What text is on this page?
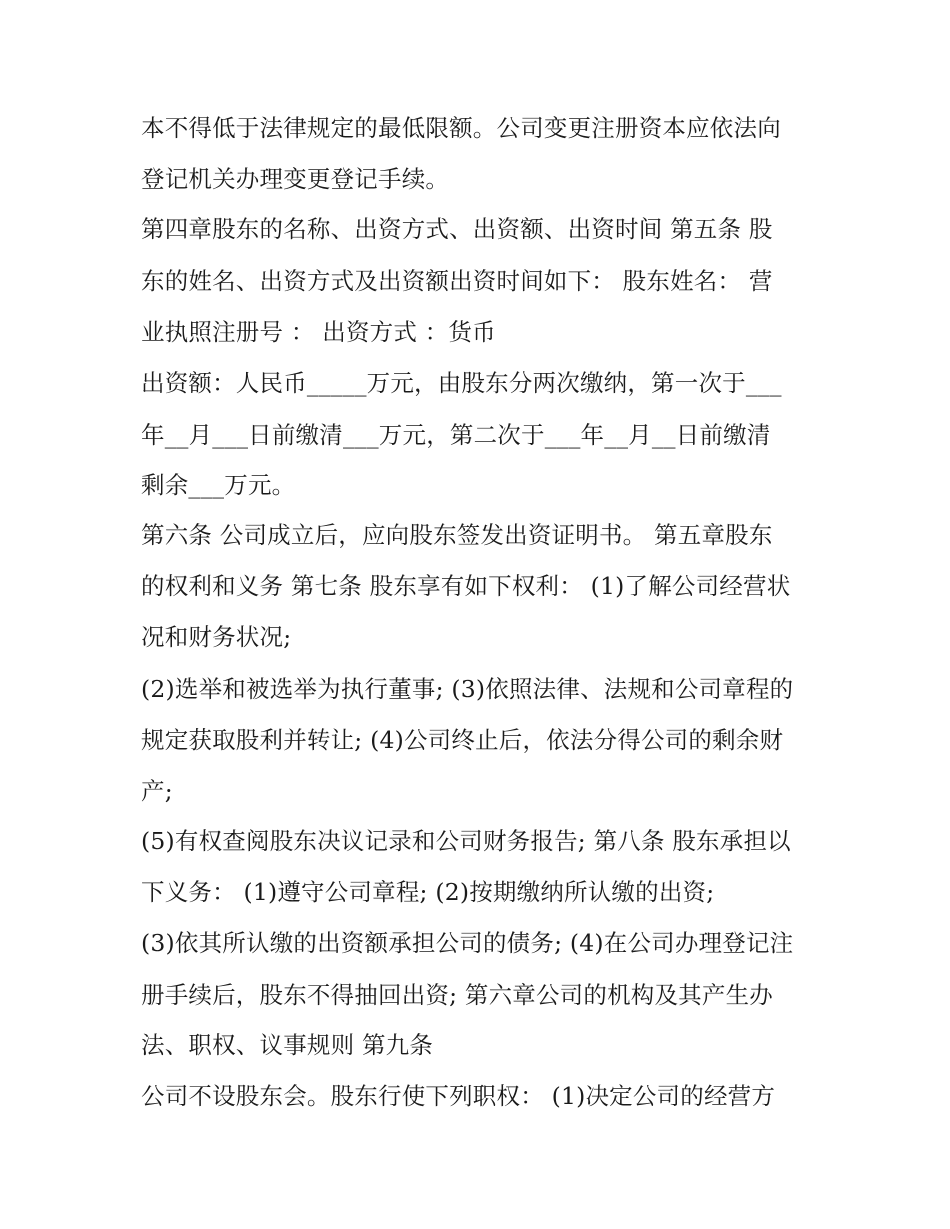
本不得低于法律规定的最低限额。公司变更注册资本应依法向
登记机关办理变更登记手续。
第四章股东的名称、出资方式、出资额、出资时间 第五条 股
东的姓名、出资方式及出资额出资时间如下： 股东姓名： 营
业执照注册号 ： 出资方式 ：货币
出资额：人民币_____万元，由股东分两次缴纳，第一次于___
年__月___日前缴清___万元，第二次于___年__月__日前缴清
剩余___万元。
第六条 公司成立后，应向股东签发出资证明书。 第五章股东
的权利和义务 第七条 股东享有如下权利： (1)了解公司经营状
况和财务状况;
(2)选举和被选举为执行董事; (3)依照法律、法规和公司章程的
规定获取股利并转让; (4)公司终止后，依法分得公司的剩余财
产;
(5)有权查阅股东决议记录和公司财务报告; 第八条 股东承担以
下义务： (1)遵守公司章程; (2)按期缴纳所认缴的出资;
(3)依其所认缴的出资额承担公司的债务; (4)在公司办理登记注
册手续后，股东不得抽回出资; 第六章公司的机构及其产生办
法、职权、议事规则 第九条
公司不设股东会。股东行使下列职权： (1)决定公司的经营方
